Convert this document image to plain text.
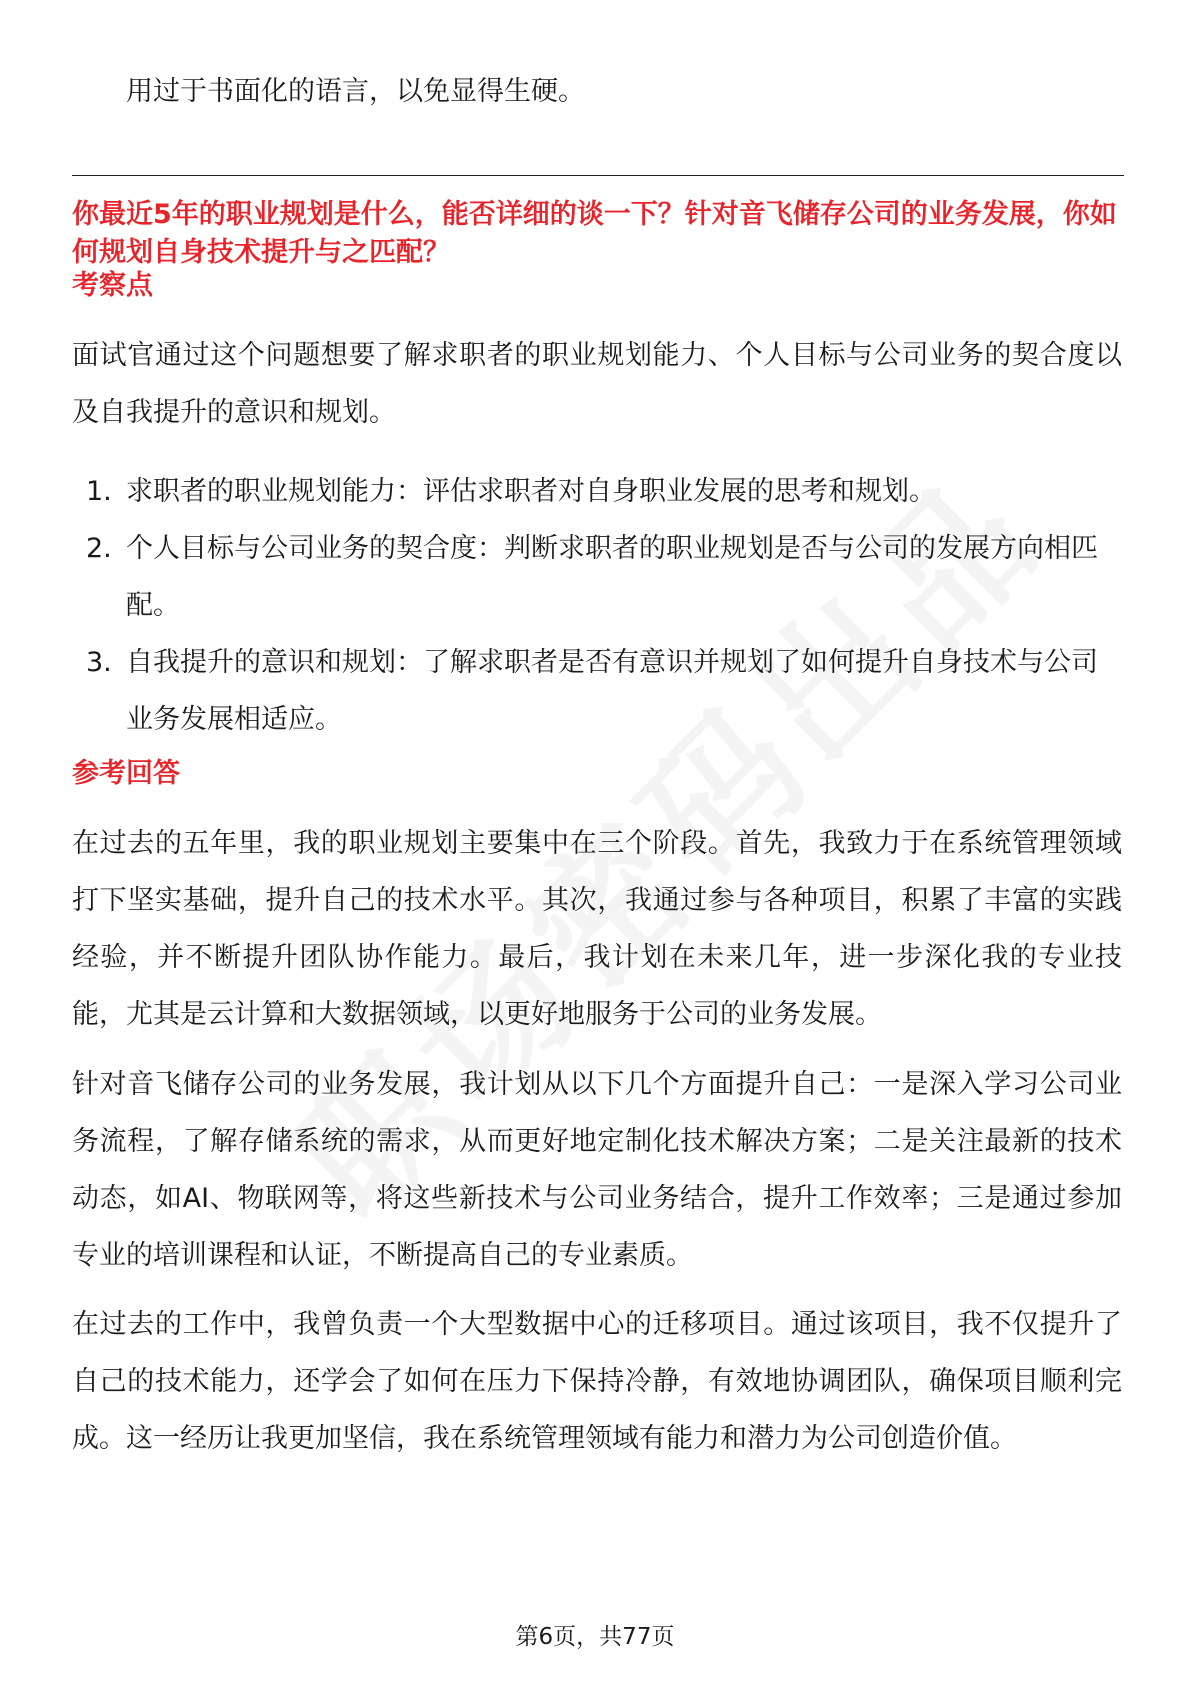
用过于书面化的语言，以免显得生硬。

你最近5年的职业规划是什么，能否详细的谈一下？针对音飞储存公司的业务发展，你如何规划自身技术提升与之匹配？

考察点

面试官通过这个问题想要了解求职者的职业规划能力、个人目标与公司业务的契合度以及自我提升的意识和规划。

1. 求职者的职业规划能力：评估求职者对自身职业发展的思考和规划。
2. 个人目标与公司业务的契合度：判断求职者的职业规划是否与公司的发展方向相匹配。
3. 自我提升的意识和规划：了解求职者是否有意识并规划了如何提升自身技术与公司业务发展相适应。

参考回答

在过去的五年里，我的职业规划主要集中在三个阶段。首先，我致力于在系统管理领域打下坚实基础，提升自己的技术水平。其次，我通过参与各种项目，积累了丰富的实践经验，并不断提升团队协作能力。最后，我计划在未来几年，进一步深化我的专业技能，尤其是云计算和大数据领域，以更好地服务于公司的业务发展。

针对音飞储存公司的业务发展，我计划从以下几个方面提升自己：一是深入学习公司业务流程，了解存储系统的需求，从而更好地定制化技术解决方案；二是关注最新的技术动态，如AI、物联网等，将这些新技术与公司业务结合，提升工作效率；三是通过参加专业的培训课程和认证，不断提高自己的专业素质。

在过去的工作中，我曾负责一个大型数据中心的迁移项目。通过该项目，我不仅提升了自己的技术能力，还学会了如何在压力下保持冷静，有效地协调团队，确保项目顺利完成。这一经历让我更加坚信，我在系统管理领域有能力和潜力为公司创造价值。

第6页，共77页
